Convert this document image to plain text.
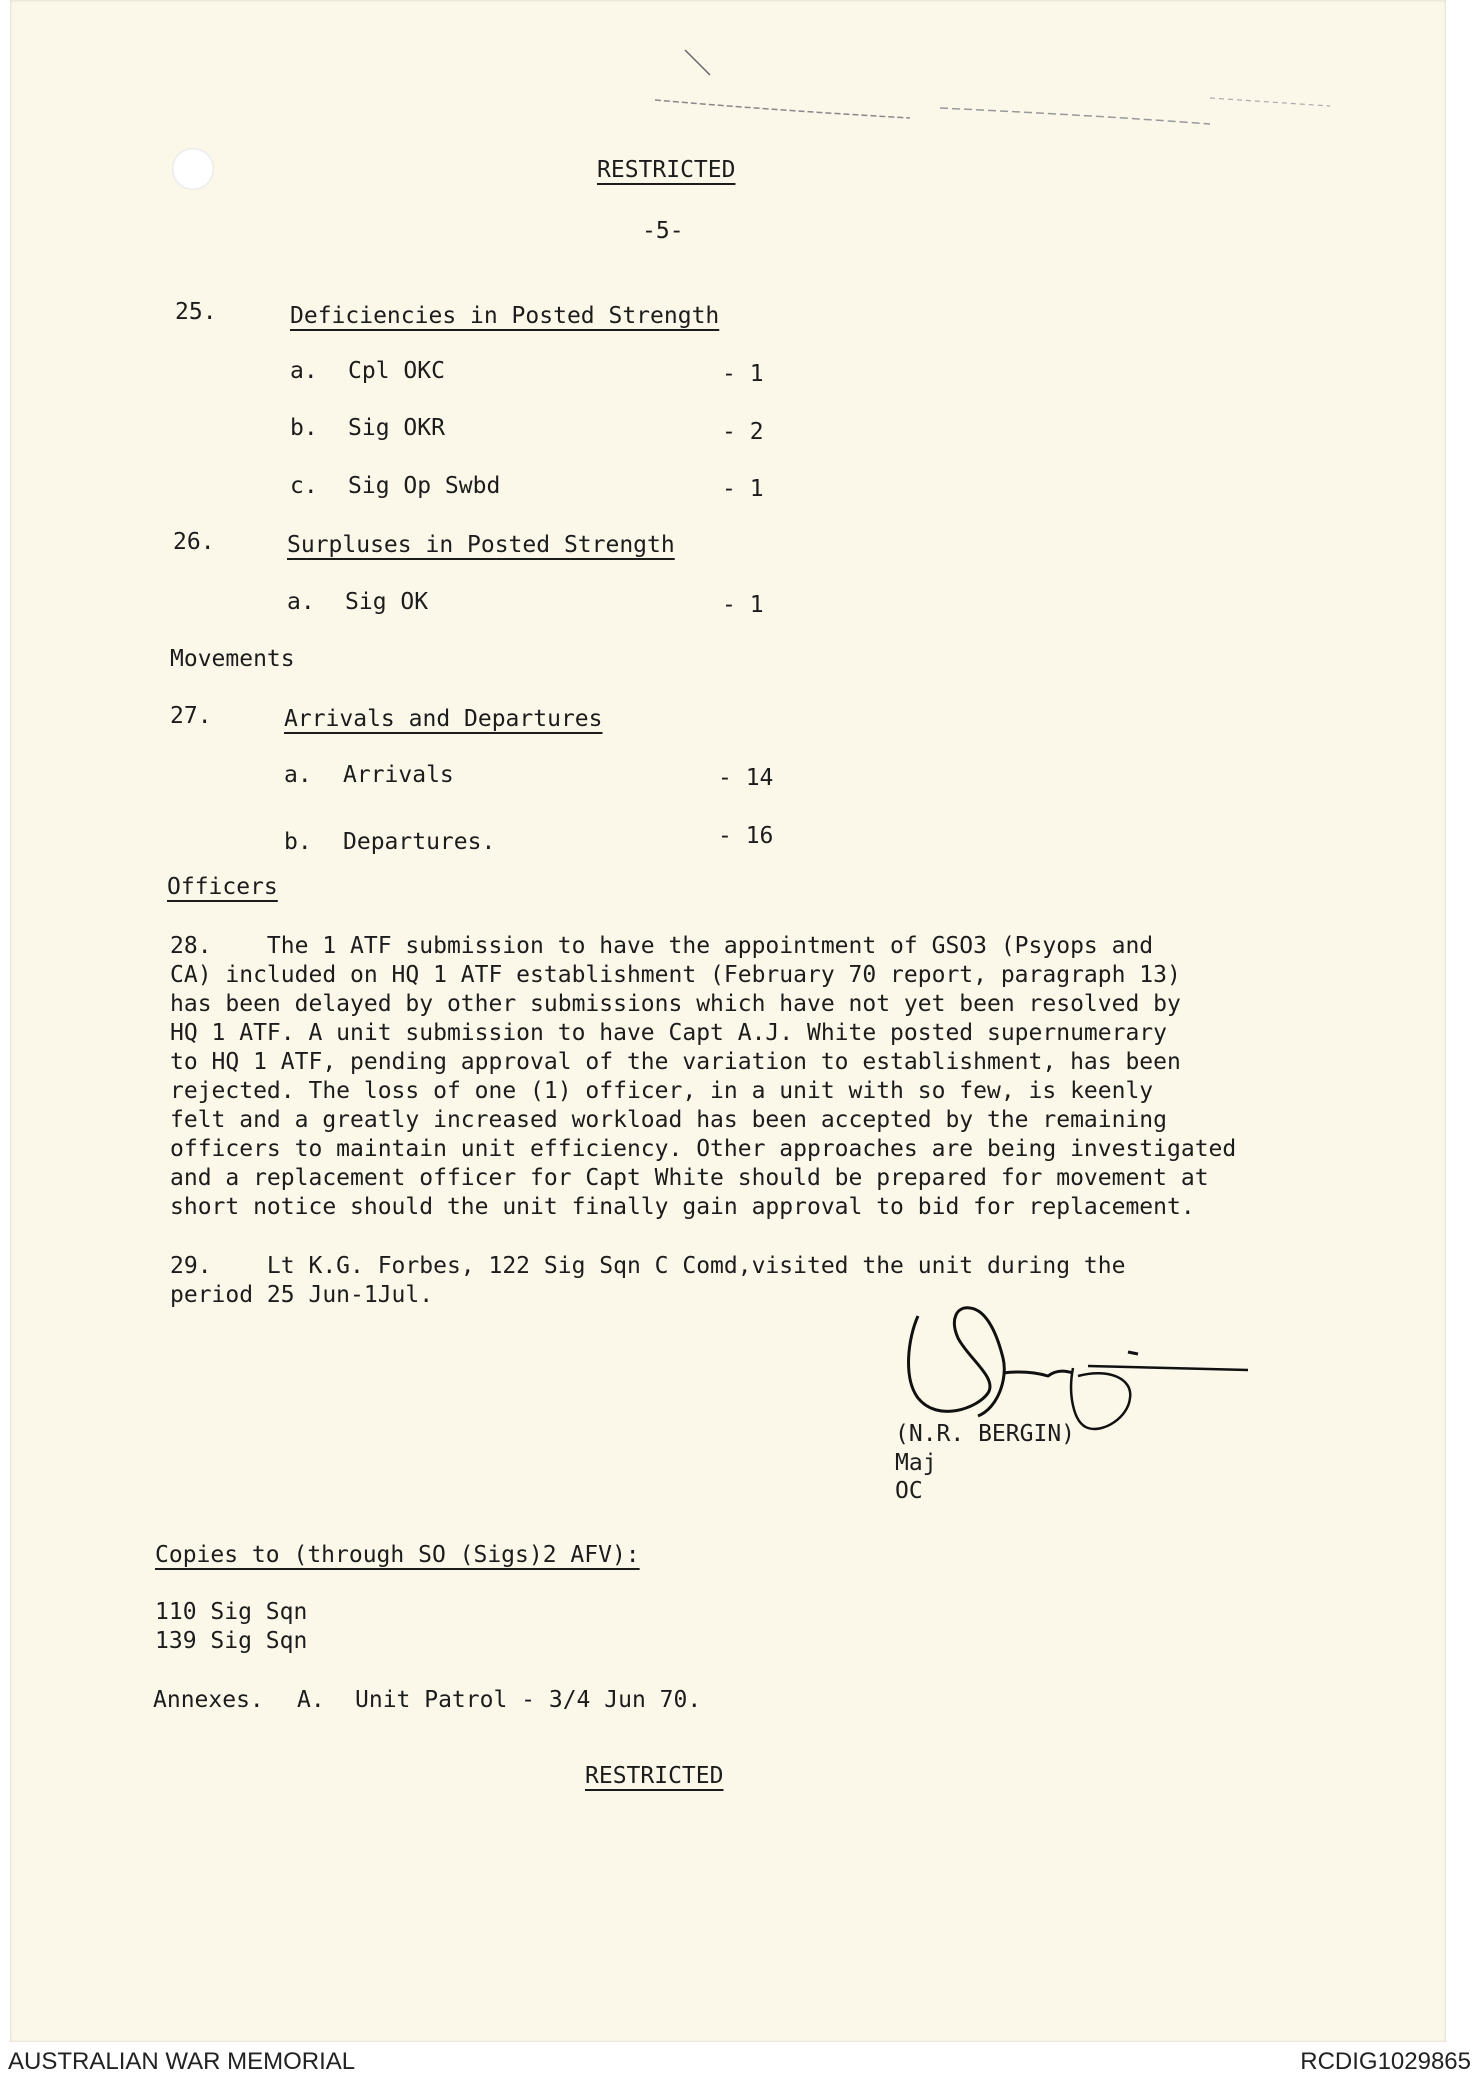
RESTRICTED
-5-
25.	Deficiencies in Posted Strength
a. Cpl OKC	- 1
b. Sig OKR	- 2
c. Sig Op Swbd	- 1
26.	Surpluses in Posted Strength
a. Sig OK	- 1
Movements
27.	Arrivals and Departures
a. Arrivals	- 14
b. Departures.	- 16
Officers
28.    The 1 ATF submission to have the appointment of GSO3 (Psyops and
CA) included on HQ 1 ATF establishment (February 70 report, paragraph 13)
has been delayed by other submissions which have not yet been resolved by
HQ 1 ATF. A unit submission to have Capt A.J. White posted supernumerary
to HQ 1 ATF, pending approval of the variation to establishment, has been
rejected. The loss of one (1) officer, in a unit with so few, is keenly
felt and a greatly increased workload has been accepted by the remaining
officers to maintain unit efficiency. Other approaches are being investigated
and a replacement officer for Capt White should be prepared for movement at
short notice should the unit finally gain approval to bid for replacement.
29.    Lt K.G. Forbes, 122 Sig Sqn C Comd,visited the unit during the
period 25 Jun-1Jul.
(N.R. BERGIN)
Maj
OC
Copies to (through SO (Sigs)2 AFV):
110 Sig Sqn
139 Sig Sqn
Annexes. A. Unit Patrol - 3/4 Jun 70.
RESTRICTED
AUSTRALIAN WAR MEMORIAL	RCDIG1029865
